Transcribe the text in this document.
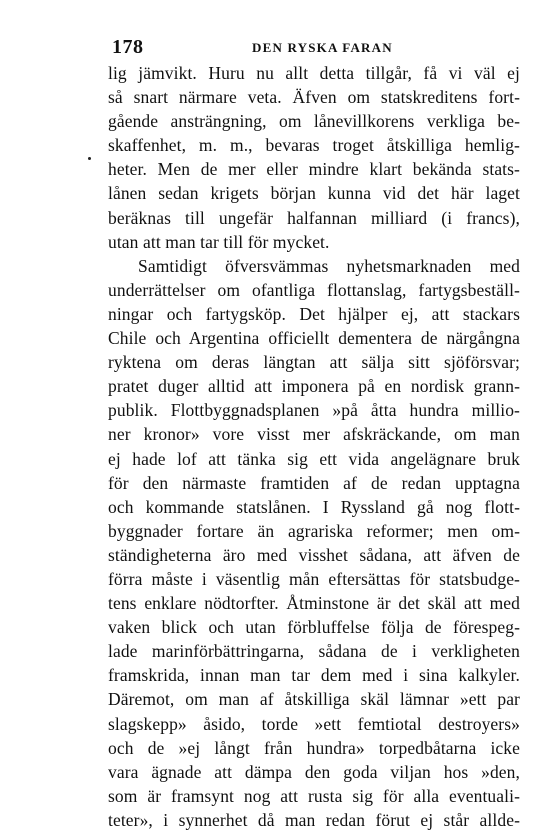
178	DEN RYSKA FARAN
lig jämvikt. Huru nu allt detta tillgår, få vi väl ej
så snart närmare veta. Äfven om statskreditens fort-
gående ansträngning, om lånevillkorens verkliga be-
skaffenhet, m. m., bevaras troget åtskilliga hemlig-
heter. Men de mer eller mindre klart bekända stats-
lånen sedan krigets början kunna vid det här laget
beräknas till ungefär halfannan milliard (i francs),
utan att man tar till för mycket.
Samtidigt öfversvämmas nyhetsmarknaden med
underrättelser om ofantliga flottanslag, fartygsbeställ-
ningar och fartygsköp. Det hjälper ej, att stackars
Chile och Argentina officiellt dementera de närgångna
ryktena om deras längtan att sälja sitt sjöförsvar;
pratet duger alltid att imponera på en nordisk grann-
publik. Flottbyggnadsplanen »på åtta hundra millio-
ner kronor» vore visst mer afskräckande, om man
ej hade lof att tänka sig ett vida angelägnare bruk
för den närmaste framtiden af de redan upptagna
och kommande statslånen. I Ryssland gå nog flott-
byggnader fortare än agrariska reformer; men om-
ständigheterna äro med visshet sådana, att äfven de
förra måste i väsentlig mån eftersättas för statsbudge-
tens enklare nödtorfter. Åtminstone är det skäl att med
vaken blick och utan förbluffelse följa de förespeg-
lade marinförbättringarna, sådana de i verkligheten
framskrida, innan man tar dem med i sina kalkyler.
Däremot, om man af åtskilliga skäl lämnar »ett par
slagskepp» åsido, torde »ett femtiotal destroyers»
och de »ej långt från hundra» torpedbåtarna icke
vara ägnade att dämpa den goda viljan hos »den,
som är framsynt nog att rusta sig för alla eventuali-
teter», i synnerhet då man redan förut ej står allde-
